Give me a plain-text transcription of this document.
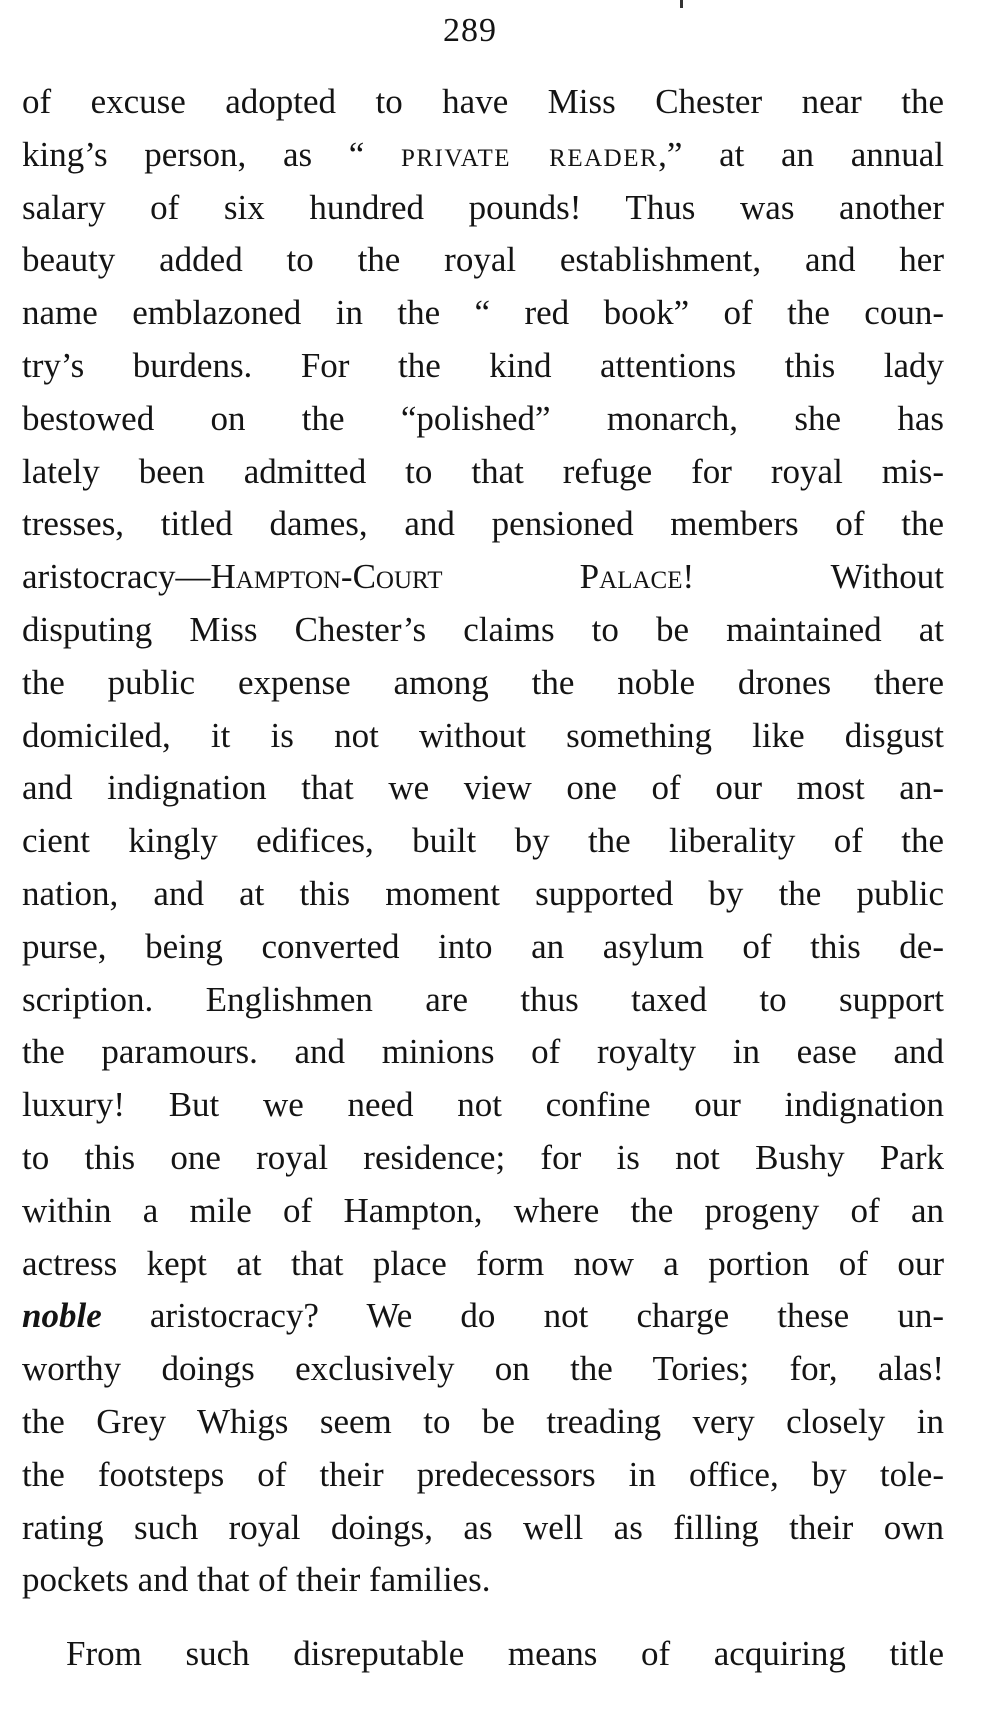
289
of excuse adopted to have Miss Chester near the
king’s person, as “ private reader,” at an annual
salary of six hundred pounds! Thus was another
beauty added to the royal establishment, and her
name emblazoned in the “ red book” of the coun-
try’s burdens. For the kind attentions this lady
bestowed on the “polished” monarch, she has
lately been admitted to that refuge for royal mis-
tresses, titled dames, and pensioned members of the
aristocracy—Hampton-Court Palace! Without
disputing Miss Chester’s claims to be maintained at
the public expense among the noble drones there
domiciled, it is not without something like disgust
and indignation that we view one of our most an-
cient kingly edifices, built by the liberality of the
nation, and at this moment supported by the public
purse, being converted into an asylum of this de-
scription. Englishmen are thus taxed to support
the paramours. and minions of royalty in ease and
luxury! But we need not confine our indignation
to this one royal residence; for is not Bushy Park
within a mile of Hampton, where the progeny of an
actress kept at that place form now a portion of our
noble aristocracy? We do not charge these un-
worthy doings exclusively on the Tories; for, alas!
the Grey Whigs seem to be treading very closely in
the footsteps of their predecessors in office, by tole-
rating such royal doings, as well as filling their own
pockets and that of their families.
From such disreputable means of acquiring title
